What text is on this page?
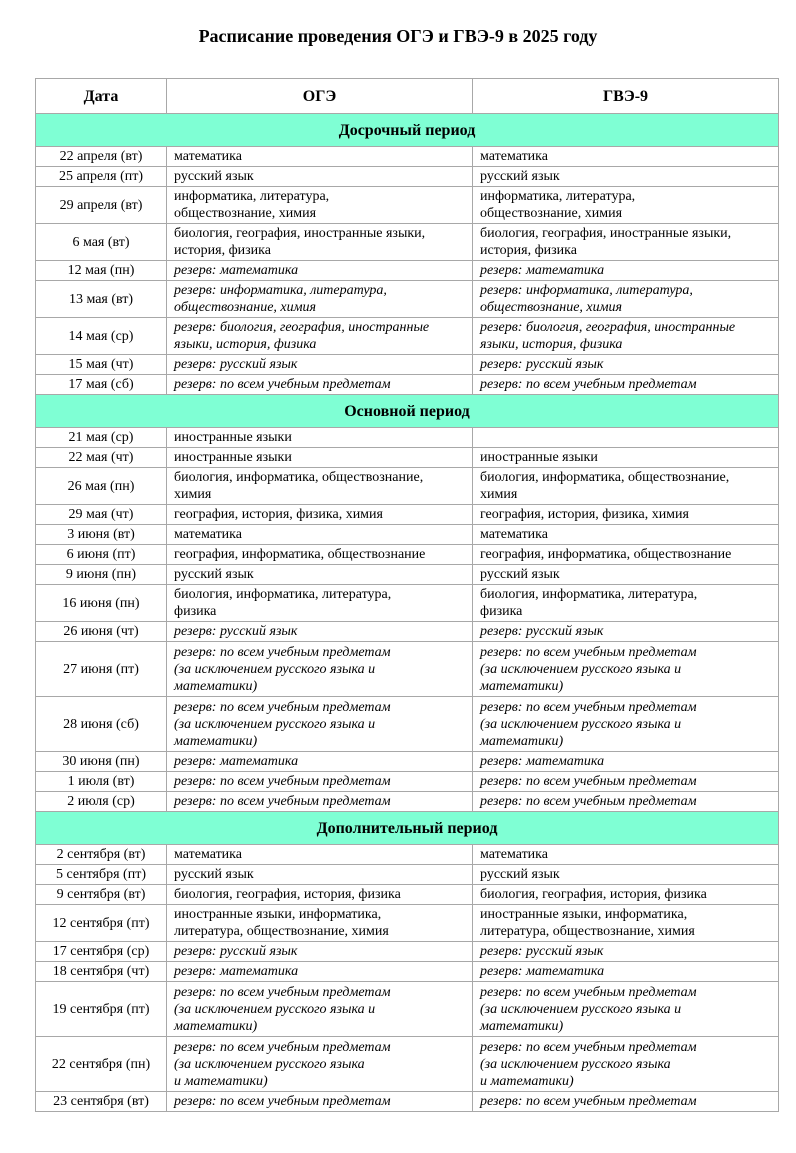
Расписание проведения ОГЭ и ГВЭ-9 в 2025 году
Дата	ОГЭ	ГВЭ-9
Досрочный период		
22 апреля (вт)	математика	математика

25 апреля (пт)	русский язык	русский язык

29 апреля (вт)	информатика, литература,
обществознание, химия	информатика, литература,
обществознание, химия

6 мая (вт)	биология, география, иностранные языки,
история, физика	биология, география, иностранные языки,
история, физика

12 мая (пн)	резерв: математика	резерв: математика

13 мая (вт)	резерв: информатика, литература,
обществознание, химия	резерв: информатика, литература,
обществознание, химия

14 мая (ср)	резерв: биология, география, иностранные
языки, история, физика	резерв: биология, география, иностранные
языки, история, физика

15 мая (чт)	резерв: русский язык	резерв: русский язык

17 мая (сб)	резерв: по всем учебным предметам	резерв: по всем учебным предметам

Основной период		
21 мая (ср)	иностранные языки	

22 мая (чт)	иностранные языки	иностранные языки

26 мая (пн)	биология, информатика, обществознание,
химия	биология, информатика, обществознание,
химия

29 мая (чт)	география, история, физика, химия	география, история, физика, химия

3 июня (вт)	математика	математика

6 июня (пт)	география, информатика, обществознание	география, информатика, обществознание

9 июня (пн)	русский язык	русский язык

16 июня (пн)	биология, информатика, литература,
физика	биология, информатика, литература,
физика

26 июня (чт)	резерв: русский язык	резерв: русский язык

27 июня (пт)	резерв: по всем учебным предметам
(за исключением русского языка и
математики)	резерв: по всем учебным предметам
(за исключением русского языка и
математики)

28 июня (сб)	резерв: по всем учебным предметам
(за исключением русского языка и
математики)	резерв: по всем учебным предметам
(за исключением русского языка и
математики)

30 июня (пн)	резерв: математика	резерв: математика

1 июля (вт)	резерв: по всем учебным предметам	резерв: по всем учебным предметам

2 июля (ср)	резерв: по всем учебным предметам	резерв: по всем учебным предметам

Дополнительный период		
2 сентября (вт)	математика	математика

5 сентября (пт)	русский язык	русский язык

9 сентября (вт)	биология, география, история, физика	биология, география, история, физика

12 сентября (пт)	иностранные языки, информатика,
литература, обществознание, химия	иностранные языки, информатика,
литература, обществознание, химия

17 сентября (ср)	резерв: русский язык	резерв: русский язык

18 сентября (чт)	резерв: математика	резерв: математика

19 сентября (пт)	резерв: по всем учебным предметам
(за исключением русского языка и
математики)	резерв: по всем учебным предметам
(за исключением русского языка и
математики)

22 сентября (пн)	резерв: по всем учебным предметам
(за исключением русского языка
и математики)	резерв: по всем учебным предметам
(за исключением русского языка
и математики)

23 сентября (вт)	резерв: по всем учебным предметам	резерв: по всем учебным предметам
